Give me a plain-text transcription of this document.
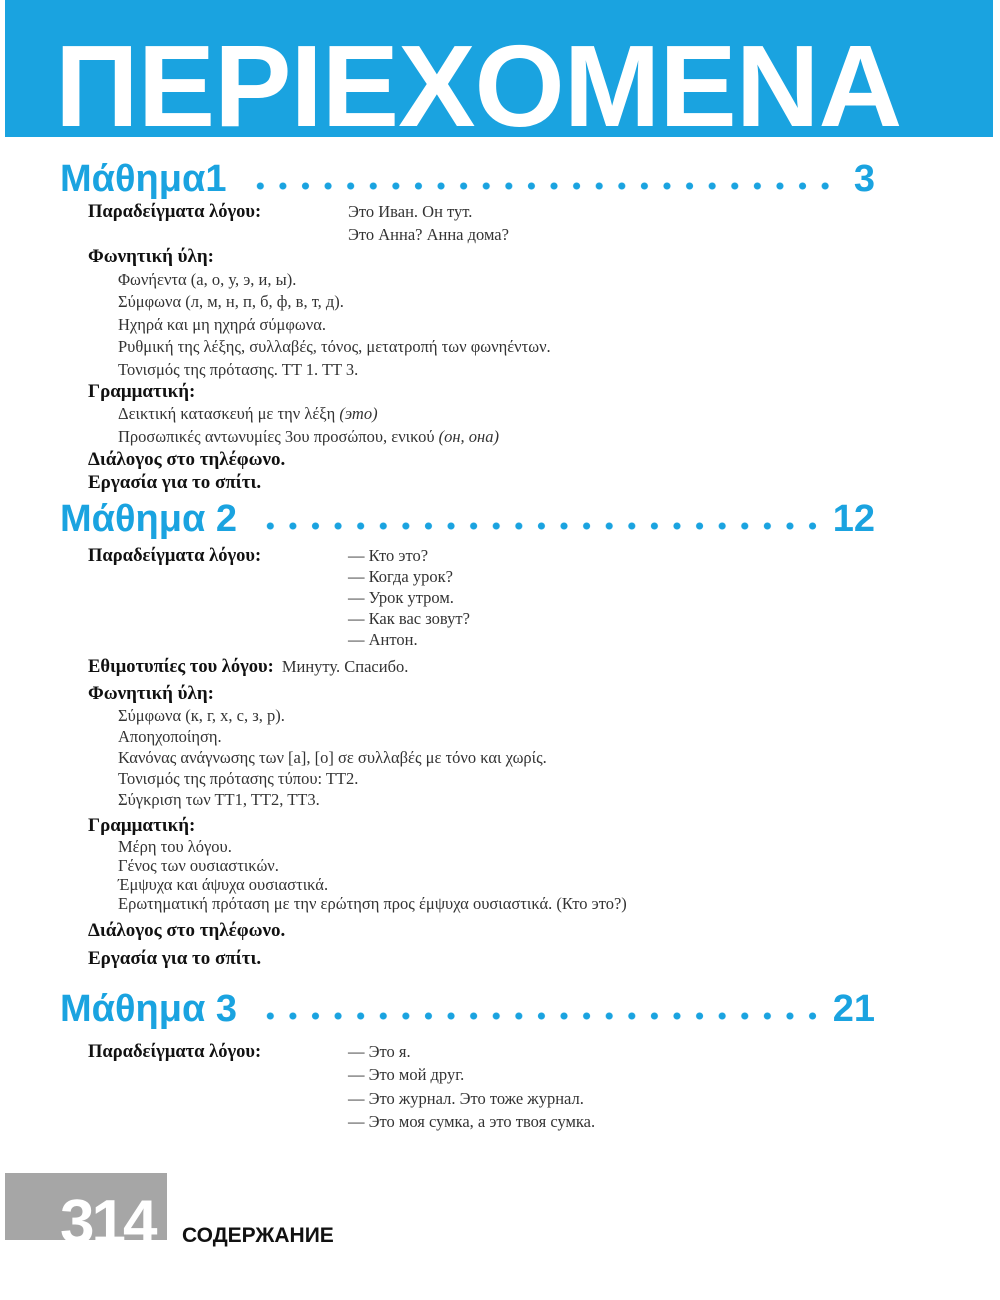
ΠΕΡΙΕΧΟΜΕΝΑ
Μάθημα1	3
Παραδείγματα λόγου:	Это Иван. Он тут.
Это Анна? Анна дома?
Φωνητική ύλη:
Φωνήεντα (а, о, у, э, и, ы).
Σύμφωνα (л, м, н, п, б, ф, в, т, д).
Ηχηρά και μη ηχηρά σύμφωνα.
Ρυθμική της λέξης, συλλαβές, τόνος, μετατροπή των φωνηέντων.
Τονισμός της πρότασης. ΤΤ 1. ΤΤ 3.
Γραμματική:
Δεικτική κατασκευή με την λέξη (это)
Προσωπικές αντωνυμίες 3ου προσώπου, ενικού (он, она)
Διάλογος στο τηλέφωνο.
Εργασία για το σπίτι.
Μάθημα 2	12
Παραδείγματα λόγου:	— Кто это?
— Когда урок?
— Урок утром.
— Как вас зовут?
— Антон.
Εθιμοτυπίες του λόγου: Минуту. Спасибо.
Φωνητική ύλη:
Σύμφωνα (к, г, х, с, з, р).
Αποηχοποίηση.
Κανόνας ανάγνωσης των [а], [о] σε συλλαβές με τόνο και χωρίς.
Τονισμός της πρότασης τύπου: ΤΤ2.
Σύγκριση των ΤΤ1, ΤΤ2, ΤΤ3.
Γραμματική:
Μέρη του λόγου.
Γένος των ουσιαστικών.
Έμψυχα και άψυχα ουσιαστικά.
Ερωτηματική πρόταση με την ερώτηση προς έμψυχα ουσιαστικά. (Кто это?)
Διάλογος στο τηλέφωνο.
Εργασία για το σπίτι.
Μάθημα 3	21
Παραδείγματα λόγου:	— Это я.
— Это мой друг.
— Это журнал. Это тоже журнал.
— Это моя сумка, а это твоя сумка.
314 СОДЕРЖАНИЕ
